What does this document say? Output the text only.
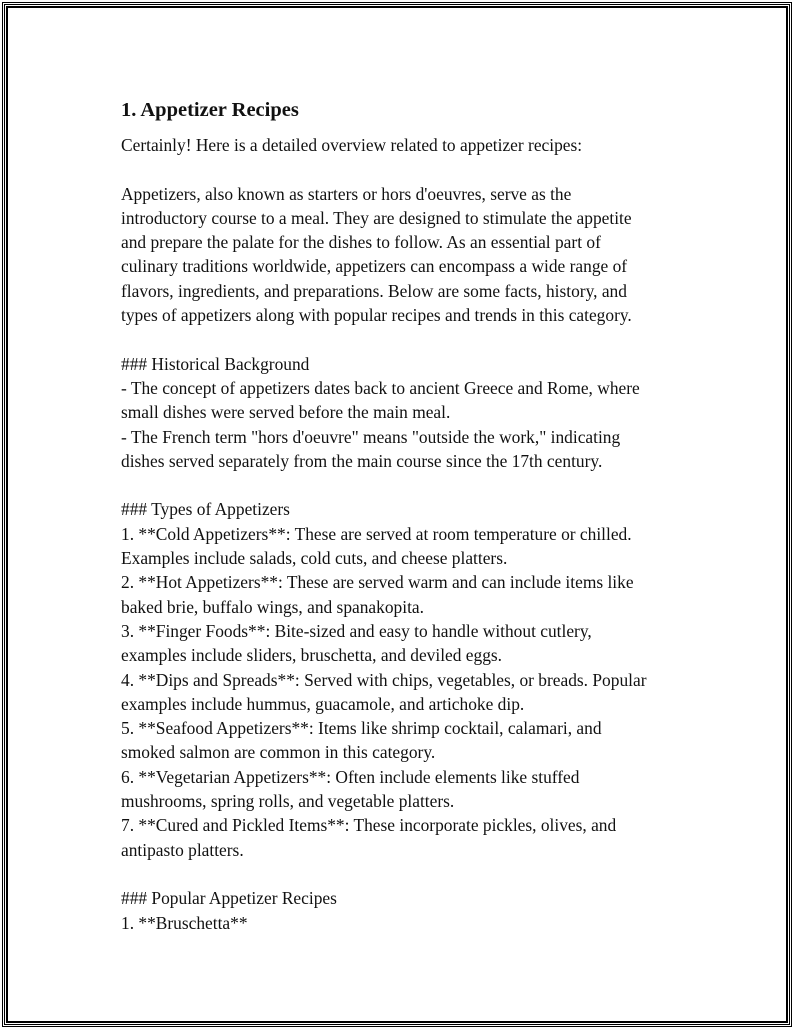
1. Appetizer Recipes
Certainly! Here is a detailed overview related to appetizer recipes:
Appetizers, also known as starters or hors d'oeuvres, serve as the
introductory course to a meal. They are designed to stimulate the appetite
and prepare the palate for the dishes to follow. As an essential part of
culinary traditions worldwide, appetizers can encompass a wide range of
flavors, ingredients, and preparations. Below are some facts, history, and
types of appetizers along with popular recipes and trends in this category.
### Historical Background
- The concept of appetizers dates back to ancient Greece and Rome, where
small dishes were served before the main meal.
- The French term "hors d'oeuvre" means "outside the work," indicating
dishes served separately from the main course since the 17th century.
### Types of Appetizers
1. **Cold Appetizers**: These are served at room temperature or chilled.
Examples include salads, cold cuts, and cheese platters.
2. **Hot Appetizers**: These are served warm and can include items like
baked brie, buffalo wings, and spanakopita.
3. **Finger Foods**: Bite-sized and easy to handle without cutlery,
examples include sliders, bruschetta, and deviled eggs.
4. **Dips and Spreads**: Served with chips, vegetables, or breads. Popular
examples include hummus, guacamole, and artichoke dip.
5. **Seafood Appetizers**: Items like shrimp cocktail, calamari, and
smoked salmon are common in this category.
6. **Vegetarian Appetizers**: Often include elements like stuffed
mushrooms, spring rolls, and vegetable platters.
7. **Cured and Pickled Items**: These incorporate pickles, olives, and
antipasto platters.
### Popular Appetizer Recipes
1. **Bruschetta**
